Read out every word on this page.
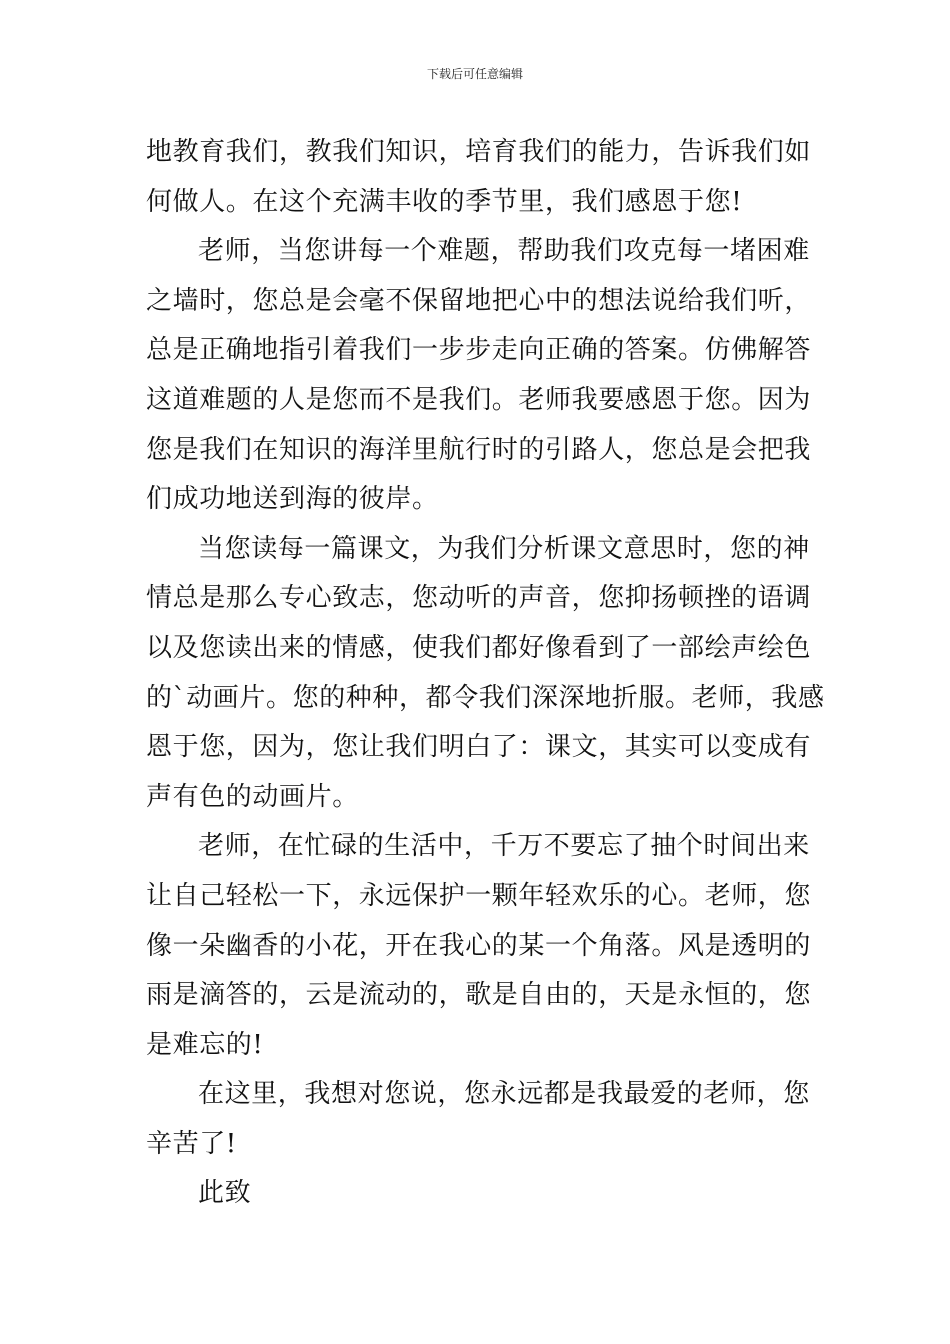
下载后可任意编辑
地教育我们，教我们知识，培育我们的能力，告诉我们如
何做人。在这个充满丰收的季节里，我们感恩于您!
老师，当您讲每一个难题，帮助我们攻克每一堵困难
之墙时，您总是会毫不保留地把心中的想法说给我们听，
总是正确地指引着我们一步步走向正确的答案。仿佛解答
这道难题的人是您而不是我们。老师我要感恩于您。因为
您是我们在知识的海洋里航行时的引路人，您总是会把我
们成功地送到海的彼岸。
当您读每一篇课文，为我们分析课文意思时，您的神
情总是那么专心致志，您动听的声音，您抑扬顿挫的语调
以及您读出来的情感，使我们都好像看到了一部绘声绘色
的`动画片。您的种种，都令我们深深地折服。老师，我感
恩于您，因为，您让我们明白了：课文，其实可以变成有
声有色的动画片。
老师，在忙碌的生活中，千万不要忘了抽个时间出来
让自己轻松一下，永远保护一颗年轻欢乐的心。老师，您
像一朵幽香的小花，开在我心的某一个角落。风是透明的
雨是滴答的，云是流动的，歌是自由的，天是永恒的，您
是难忘的!
在这里，我想对您说，您永远都是我最爱的老师，您
辛苦了!
此致
